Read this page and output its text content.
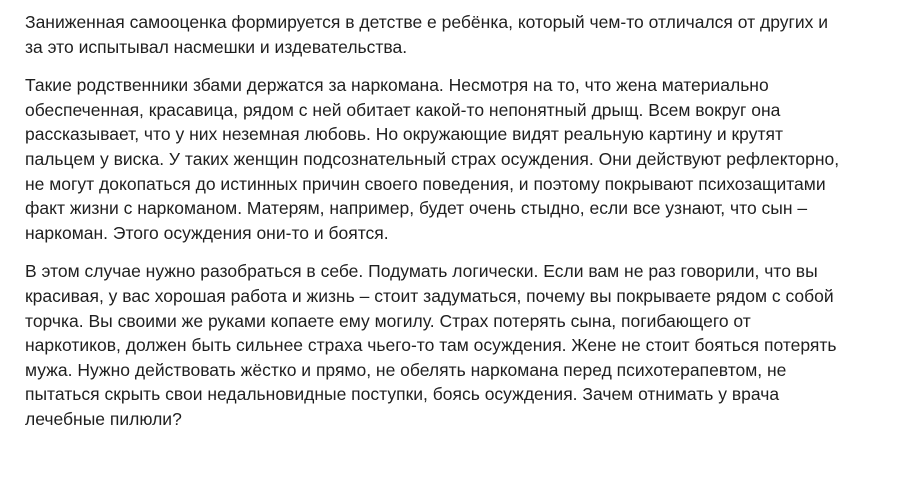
Заниженная самооценка формируется в детстве е ребёнка, который чем-то отличался от других и
за это испытывал насмешки и издевательства.

Такие родственники збами держатся за наркомана. Несмотря на то, что жена материально
обеспеченная, красавица, рядом с ней обитает какой-то непонятный дрыщ. Всем вокруг она
рассказывает, что у них неземная любовь. Но окружающие видят реальную картину и крутят
пальцем у виска. У таких женщин подсознательный страх осуждения. Они действуют рефлекторно,
не могут докопаться до истинных причин своего поведения, и поэтому покрывают психозащитами
факт жизни с наркоманом. Матерям, например, будет очень стыдно, если все узнают, что сын –
наркоман. Этого осуждения они-то и боятся.

В этом случае нужно разобраться в себе. Подумать логически. Если вам не раз говорили, что вы
красивая, у вас хорошая работа и жизнь – стоит задуматься, почему вы покрываете рядом с собой
торчка. Вы своими же руками копаете ему могилу. Страх потерять сына, погибающего от
наркотиков, должен быть сильнее страха чьего-то там осуждения. Жене не стоит бояться потерять
мужа. Нужно действовать жёстко и прямо, не обелять наркомана перед психотерапевтом, не
пытаться скрыть свои недальновидные поступки, боясь осуждения. Зачем отнимать у врача
лечебные пилюли?
